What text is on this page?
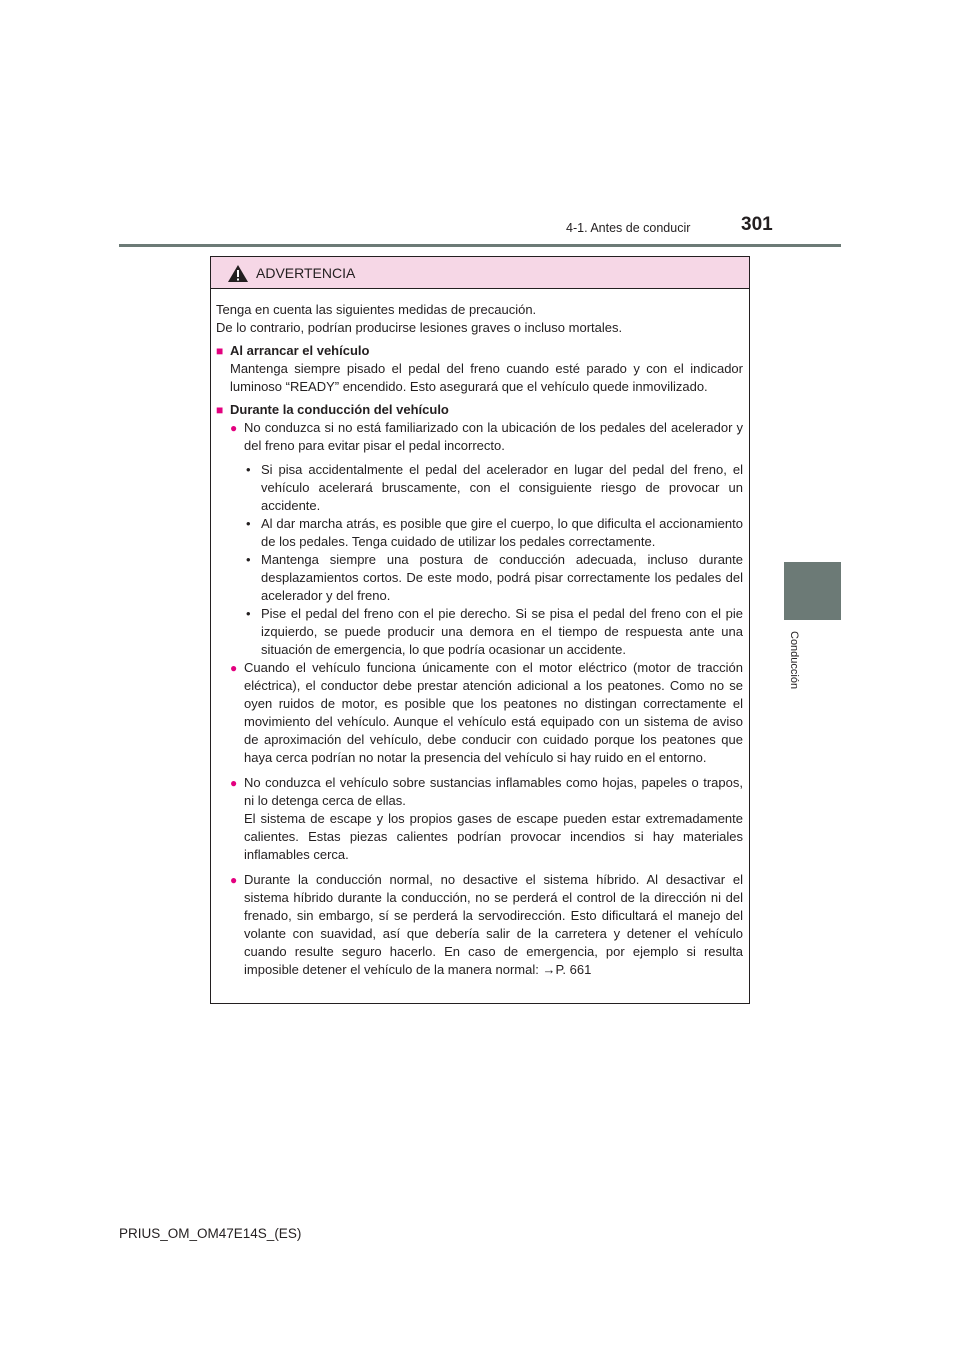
4-1. Antes de conducir	301
4
Conducción
ADVERTENCIA

Tenga en cuenta las siguientes medidas de precaución.

De lo contrario, podrían producirse lesiones graves o incluso mortales.

■ Al arrancar el vehículo

Mantenga siempre pisado el pedal del freno cuando esté parado y con el indicador luminoso “READY” encendido. Esto asegurará que el vehículo quede inmovilizado.

■ Durante la conducción del vehículo
● No conduzca si no está familiarizado con la ubicación de los pedales del acelerador y del freno para evitar pisar el pedal incorrecto.
• Si pisa accidentalmente el pedal del acelerador en lugar del pedal del freno, el vehículo acelerará bruscamente, con el consiguiente riesgo de provocar un accidente.
• Al dar marcha atrás, es posible que gire el cuerpo, lo que dificulta el accionamiento de los pedales. Tenga cuidado de utilizar los pedales correctamente.
• Mantenga siempre una postura de conducción adecuada, incluso durante desplazamientos cortos. De este modo, podrá pisar correctamente los pedales del acelerador y del freno.
• Pise el pedal del freno con el pie derecho. Si se pisa el pedal del freno con el pie izquierdo, se puede producir una demora en el tiempo de respuesta ante una situación de emergencia, lo que podría ocasionar un accidente.
● Cuando el vehículo funciona únicamente con el motor eléctrico (motor de tracción eléctrica), el conductor debe prestar atención adicional a los peatones. Como no se oyen ruidos de motor, es posible que los peatones no distingan correctamente el movimiento del vehículo. Aunque el vehículo está equipado con un sistema de aviso de aproximación del vehículo, debe conducir con cuidado porque los peatones que haya cerca podrían no notar la presencia del vehículo si hay ruido en el entorno.
● No conduzca el vehículo sobre sustancias inflamables como hojas, papeles o trapos, ni lo detenga cerca de ellas.

El sistema de escape y los propios gases de escape pueden estar extremadamente calientes. Estas piezas calientes podrían provocar incendios si hay materiales inflamables cerca.

● Durante la conducción normal, no desactive el sistema híbrido. Al desactivar el sistema híbrido durante la conducción, no se perderá el control de la dirección ni del frenado, sin embargo, sí se perderá la servodirección. Esto dificultará el manejo del volante con suavidad, así que debería salir de la carretera y detener el vehículo cuando resulte seguro hacerlo. En caso de emergencia, por ejemplo si resulta imposible detener el vehículo de la manera normal: →P. 661
PRIUS_OM_OM47E14S_(ES)
